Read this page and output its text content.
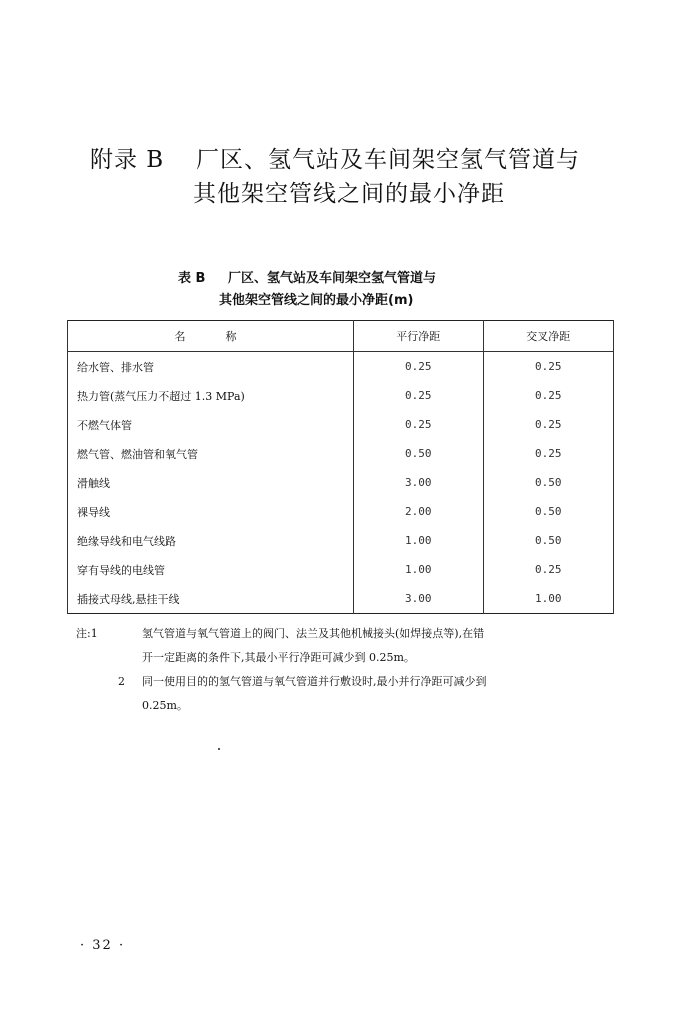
附录 B 厂区、氢气站及车间架空氢气管道与
其他架空管线之间的最小净距
表 B 厂区、氢气站及车间架空氢气管道与
其他架空管线之间的最小净距(m)
名称	平行净距	交叉净距
给水管、排水管	0.25	0.25
热力管(蒸气压力不超过 1.3 MPa)	0.25	0.25
不燃气体管	0.25	0.25
燃气管、燃油管和氧气管	0.50	0.25
滑触线	3.00	0.50
裸导线	2.00	0.50
绝缘导线和电气线路	1.00	0.50
穿有导线的电线管	1.00	0.25
插接式母线,悬挂干线	3.00	1.00
注:1	氢气管道与氧气管道上的阀门、法兰及其他机械接头(如焊接点等),在错
开一定距离的条件下,其最小平行净距可减少到 0.25m。
2	同一使用目的的氢气管道与氧气管道并行敷设时,最小并行净距可减少到
0.25m。
· 32 ·
